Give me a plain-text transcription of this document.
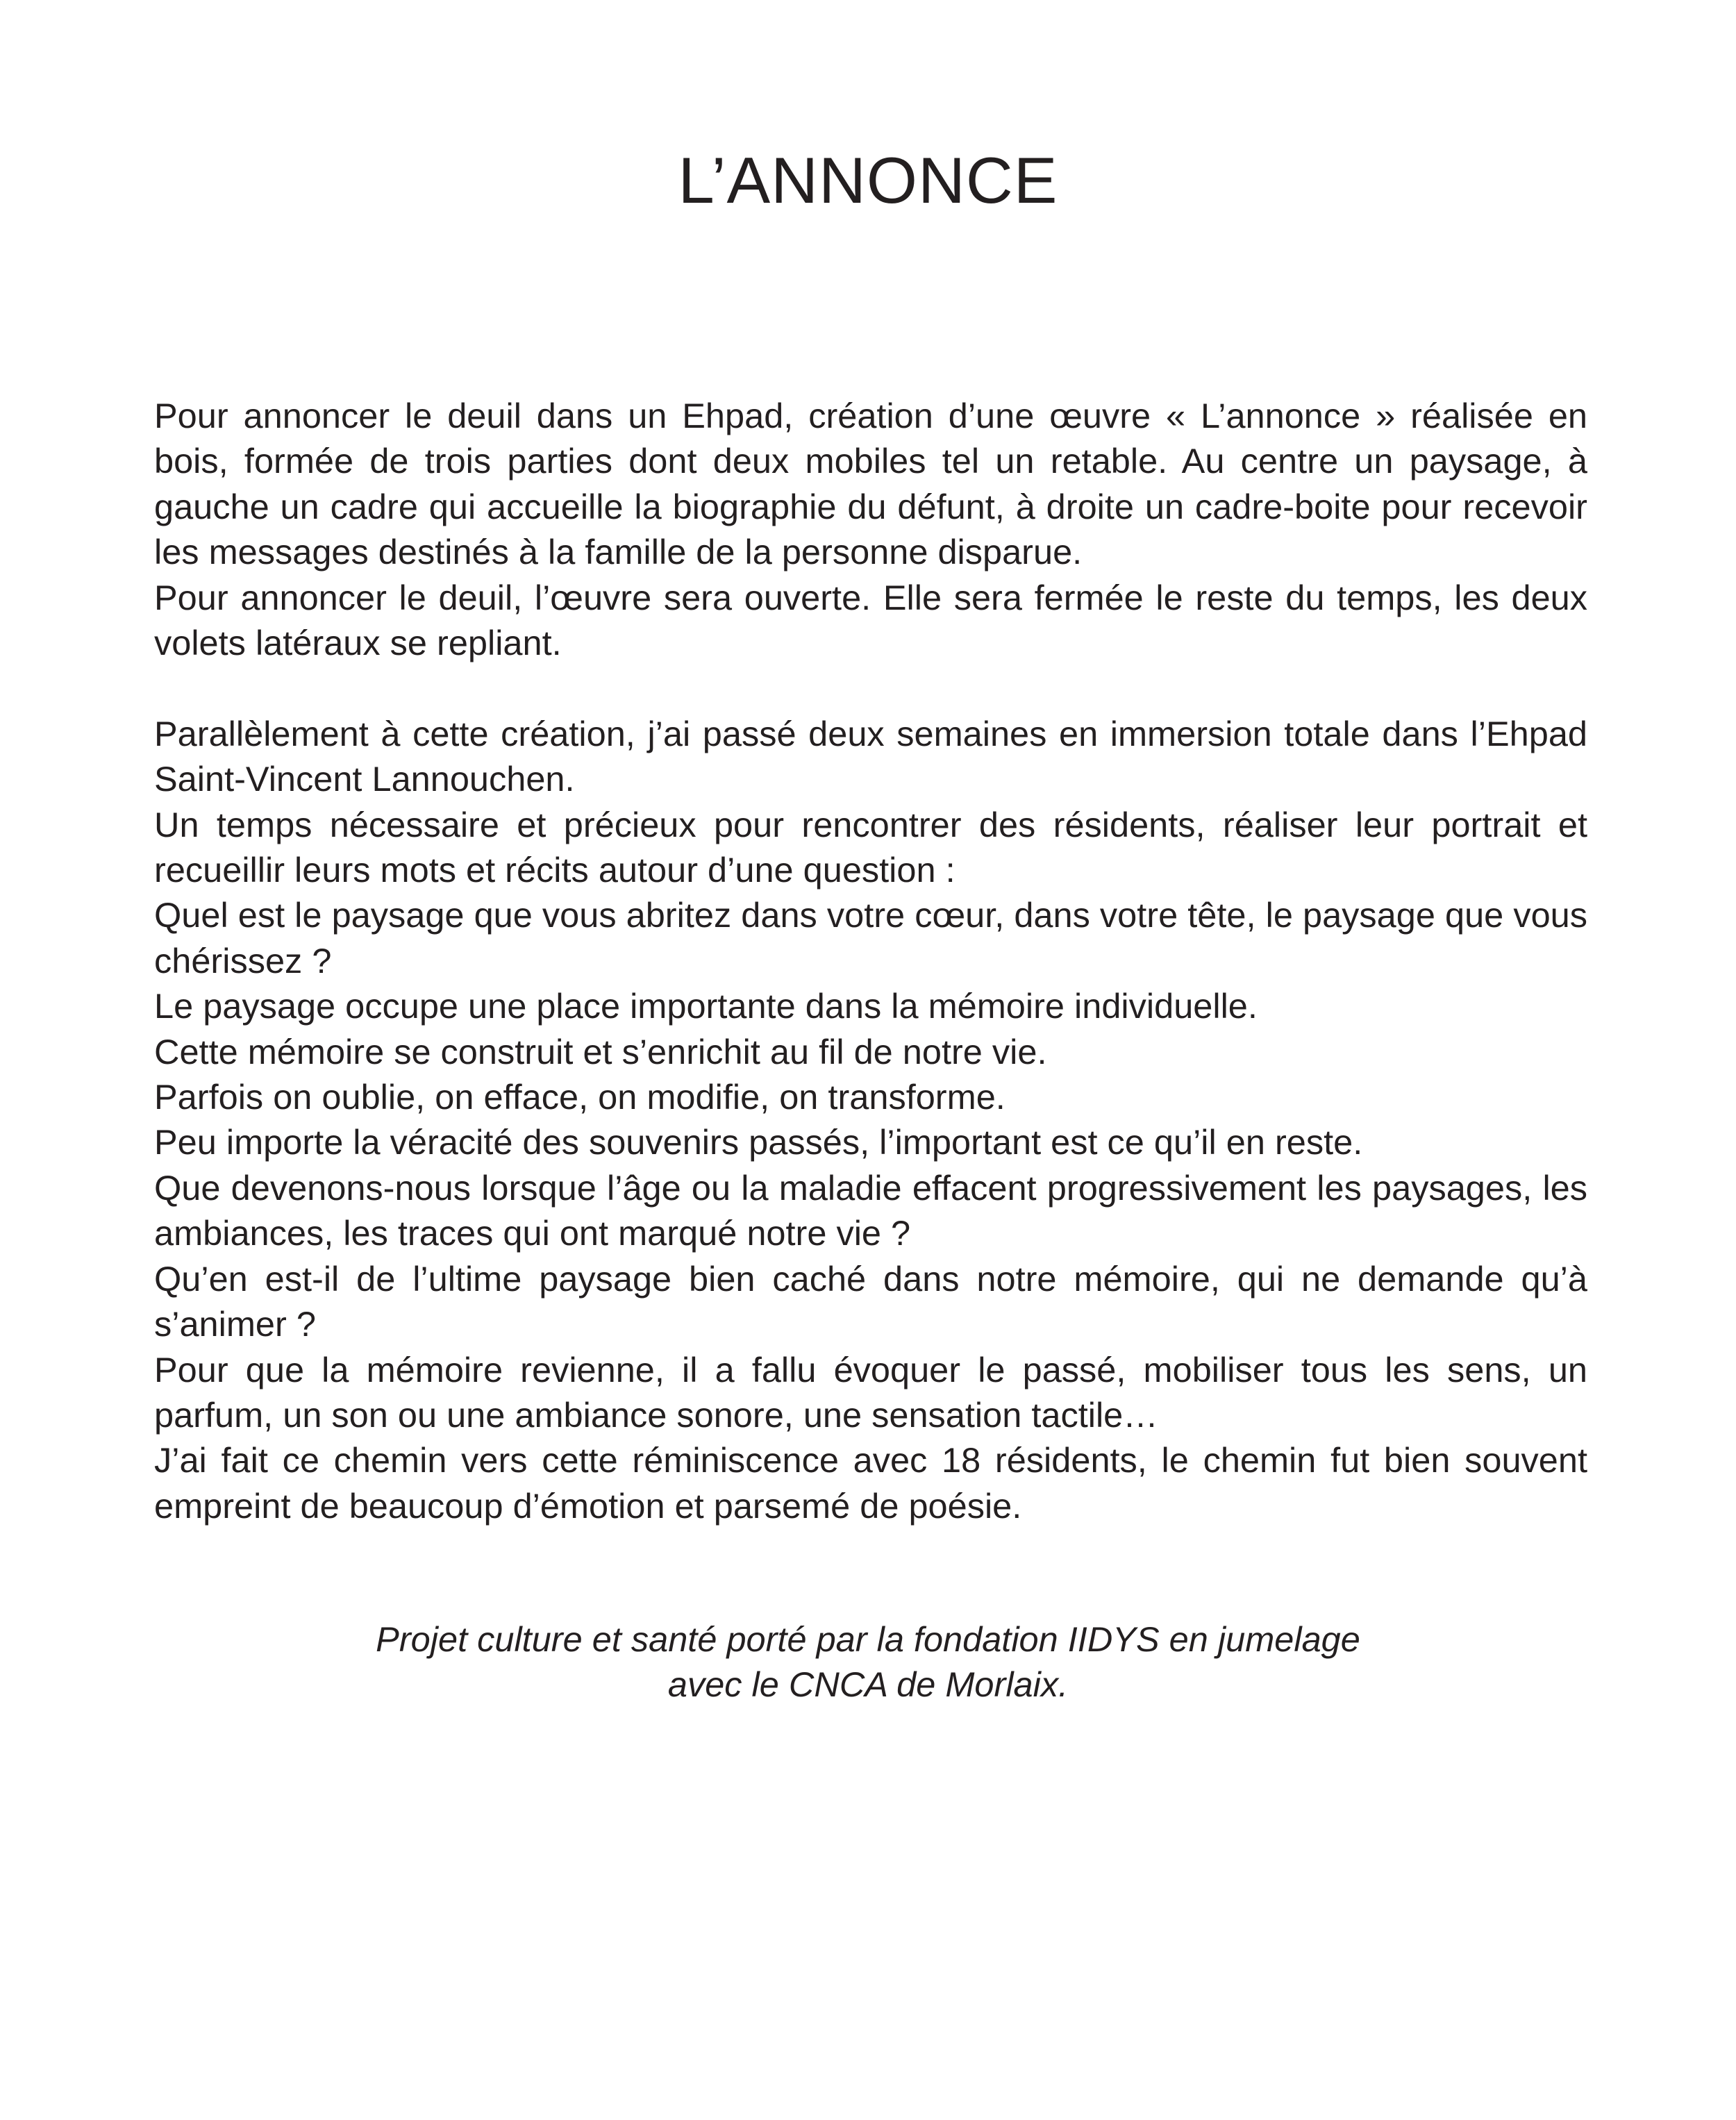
L’ANNONCE

Pour annoncer le deuil dans un Ehpad, création d’une œuvre « L’annonce » réalisée en bois, formée de trois parties dont deux mobiles tel un retable. Au centre un paysage, à gauche un cadre qui accueille la biographie du défunt, à droite un cadre-boite pour recevoir les messages destinés à la famille de la personne disparue.

Pour annoncer le deuil, l’œuvre sera ouverte. Elle sera fermée le reste du temps, les deux volets latéraux se repliant.

Parallèlement à cette création, j’ai passé deux semaines en immersion totale dans l’Ehpad Saint-Vincent Lannouchen.

Un temps nécessaire et précieux pour rencontrer des résidents, réaliser leur portrait et recueillir leurs mots et récits autour d’une question :

Quel est le paysage que vous abritez dans votre cœur, dans votre tête, le paysage que vous chérissez ?

Le paysage occupe une place importante dans la mémoire individuelle.

Cette mémoire se construit et s’enrichit au fil de notre vie.

Parfois on oublie, on efface, on modifie, on transforme.

Peu importe la véracité des souvenirs passés, l’important est ce qu’il en reste.

Que devenons-nous lorsque l’âge ou la maladie effacent progressivement les paysages, les ambiances, les traces qui ont marqué notre vie ?

Qu’en est-il de l’ultime paysage bien caché dans notre mémoire, qui ne demande qu’à s’animer ?

Pour que la mémoire revienne, il a fallu évoquer le passé, mobiliser tous les sens, un parfum, un son ou une ambiance sonore, une sensation tactile…

J’ai fait ce chemin vers cette réminiscence avec 18 résidents, le chemin fut bien souvent empreint de beaucoup d’émotion et parsemé de poésie.

Projet culture et santé porté par la fondation IIDYS en jumelage
avec le CNCA de Morlaix.
